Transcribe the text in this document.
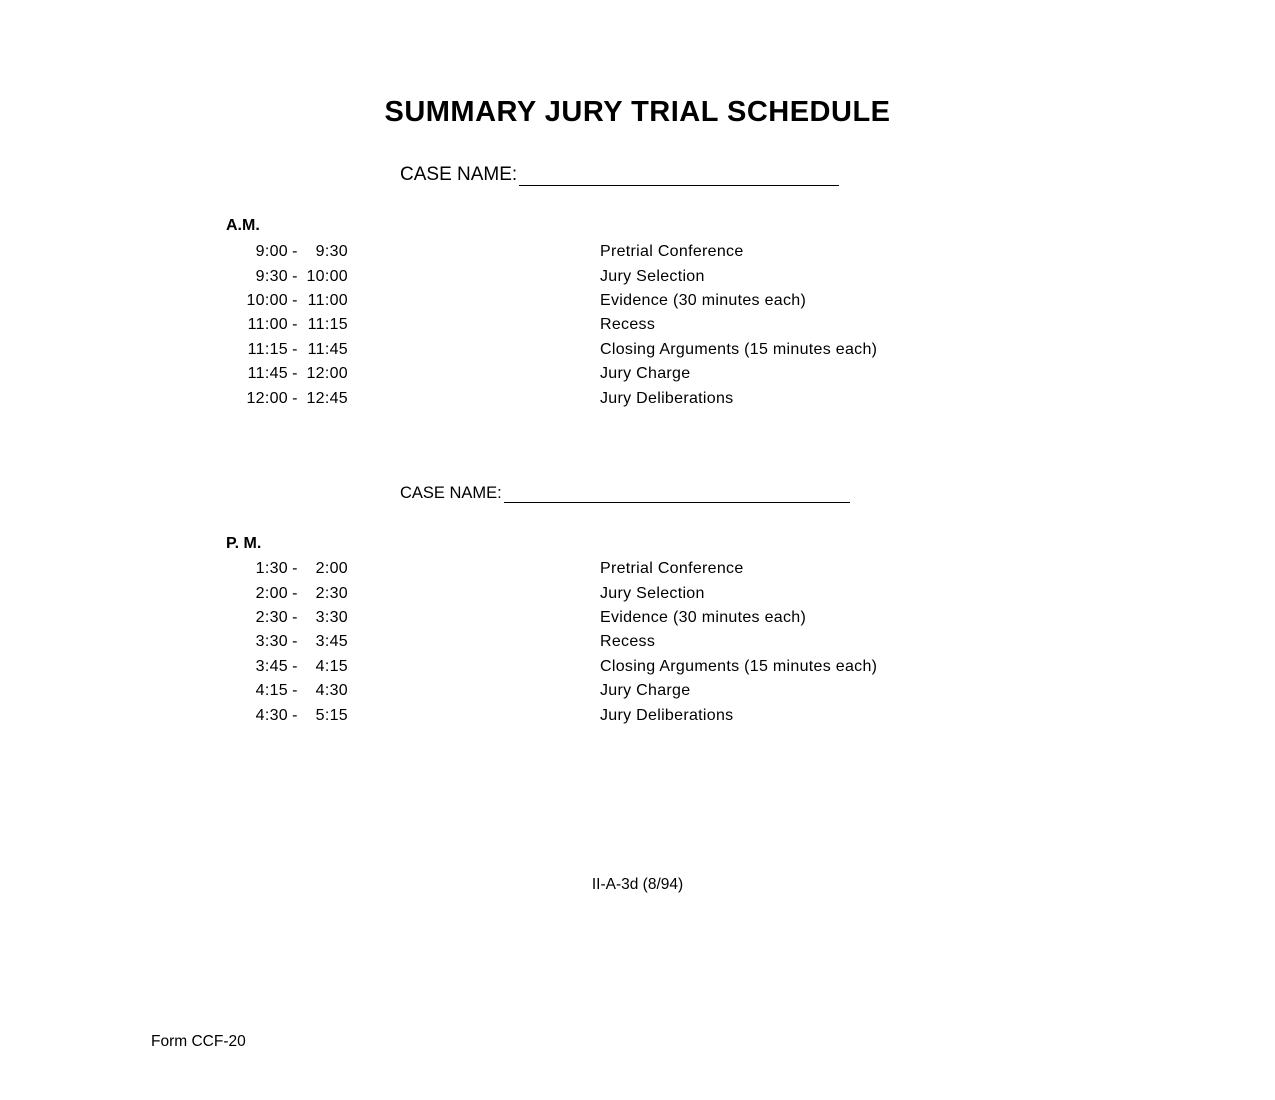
SUMMARY JURY TRIAL SCHEDULE
CASE NAME:
A.M.
9:00 -	9:30	Pretrial Conference
9:30 - 10:00	Jury Selection
10:00 - 11:00	Evidence (30 minutes each)
11:00 - 11:15	Recess
11:15 - 11:45	Closing Arguments (15 minutes each)
11:45 - 12:00	Jury Charge
12:00 - 12:45	Jury Deliberations
CASE NAME:
P. M.
1:30 -	2:00	Pretrial Conference
2:00 -	2:30	Jury Selection
2:30 -	3:30	Evidence (30 minutes each)
3:30 -	3:45	Recess
3:45 -	4:15	Closing Arguments (15 minutes each)
4:15 -	4:30	Jury Charge
4:30 -	5:15	Jury Deliberations
II-A-3d (8/94)
Form CCF-20
